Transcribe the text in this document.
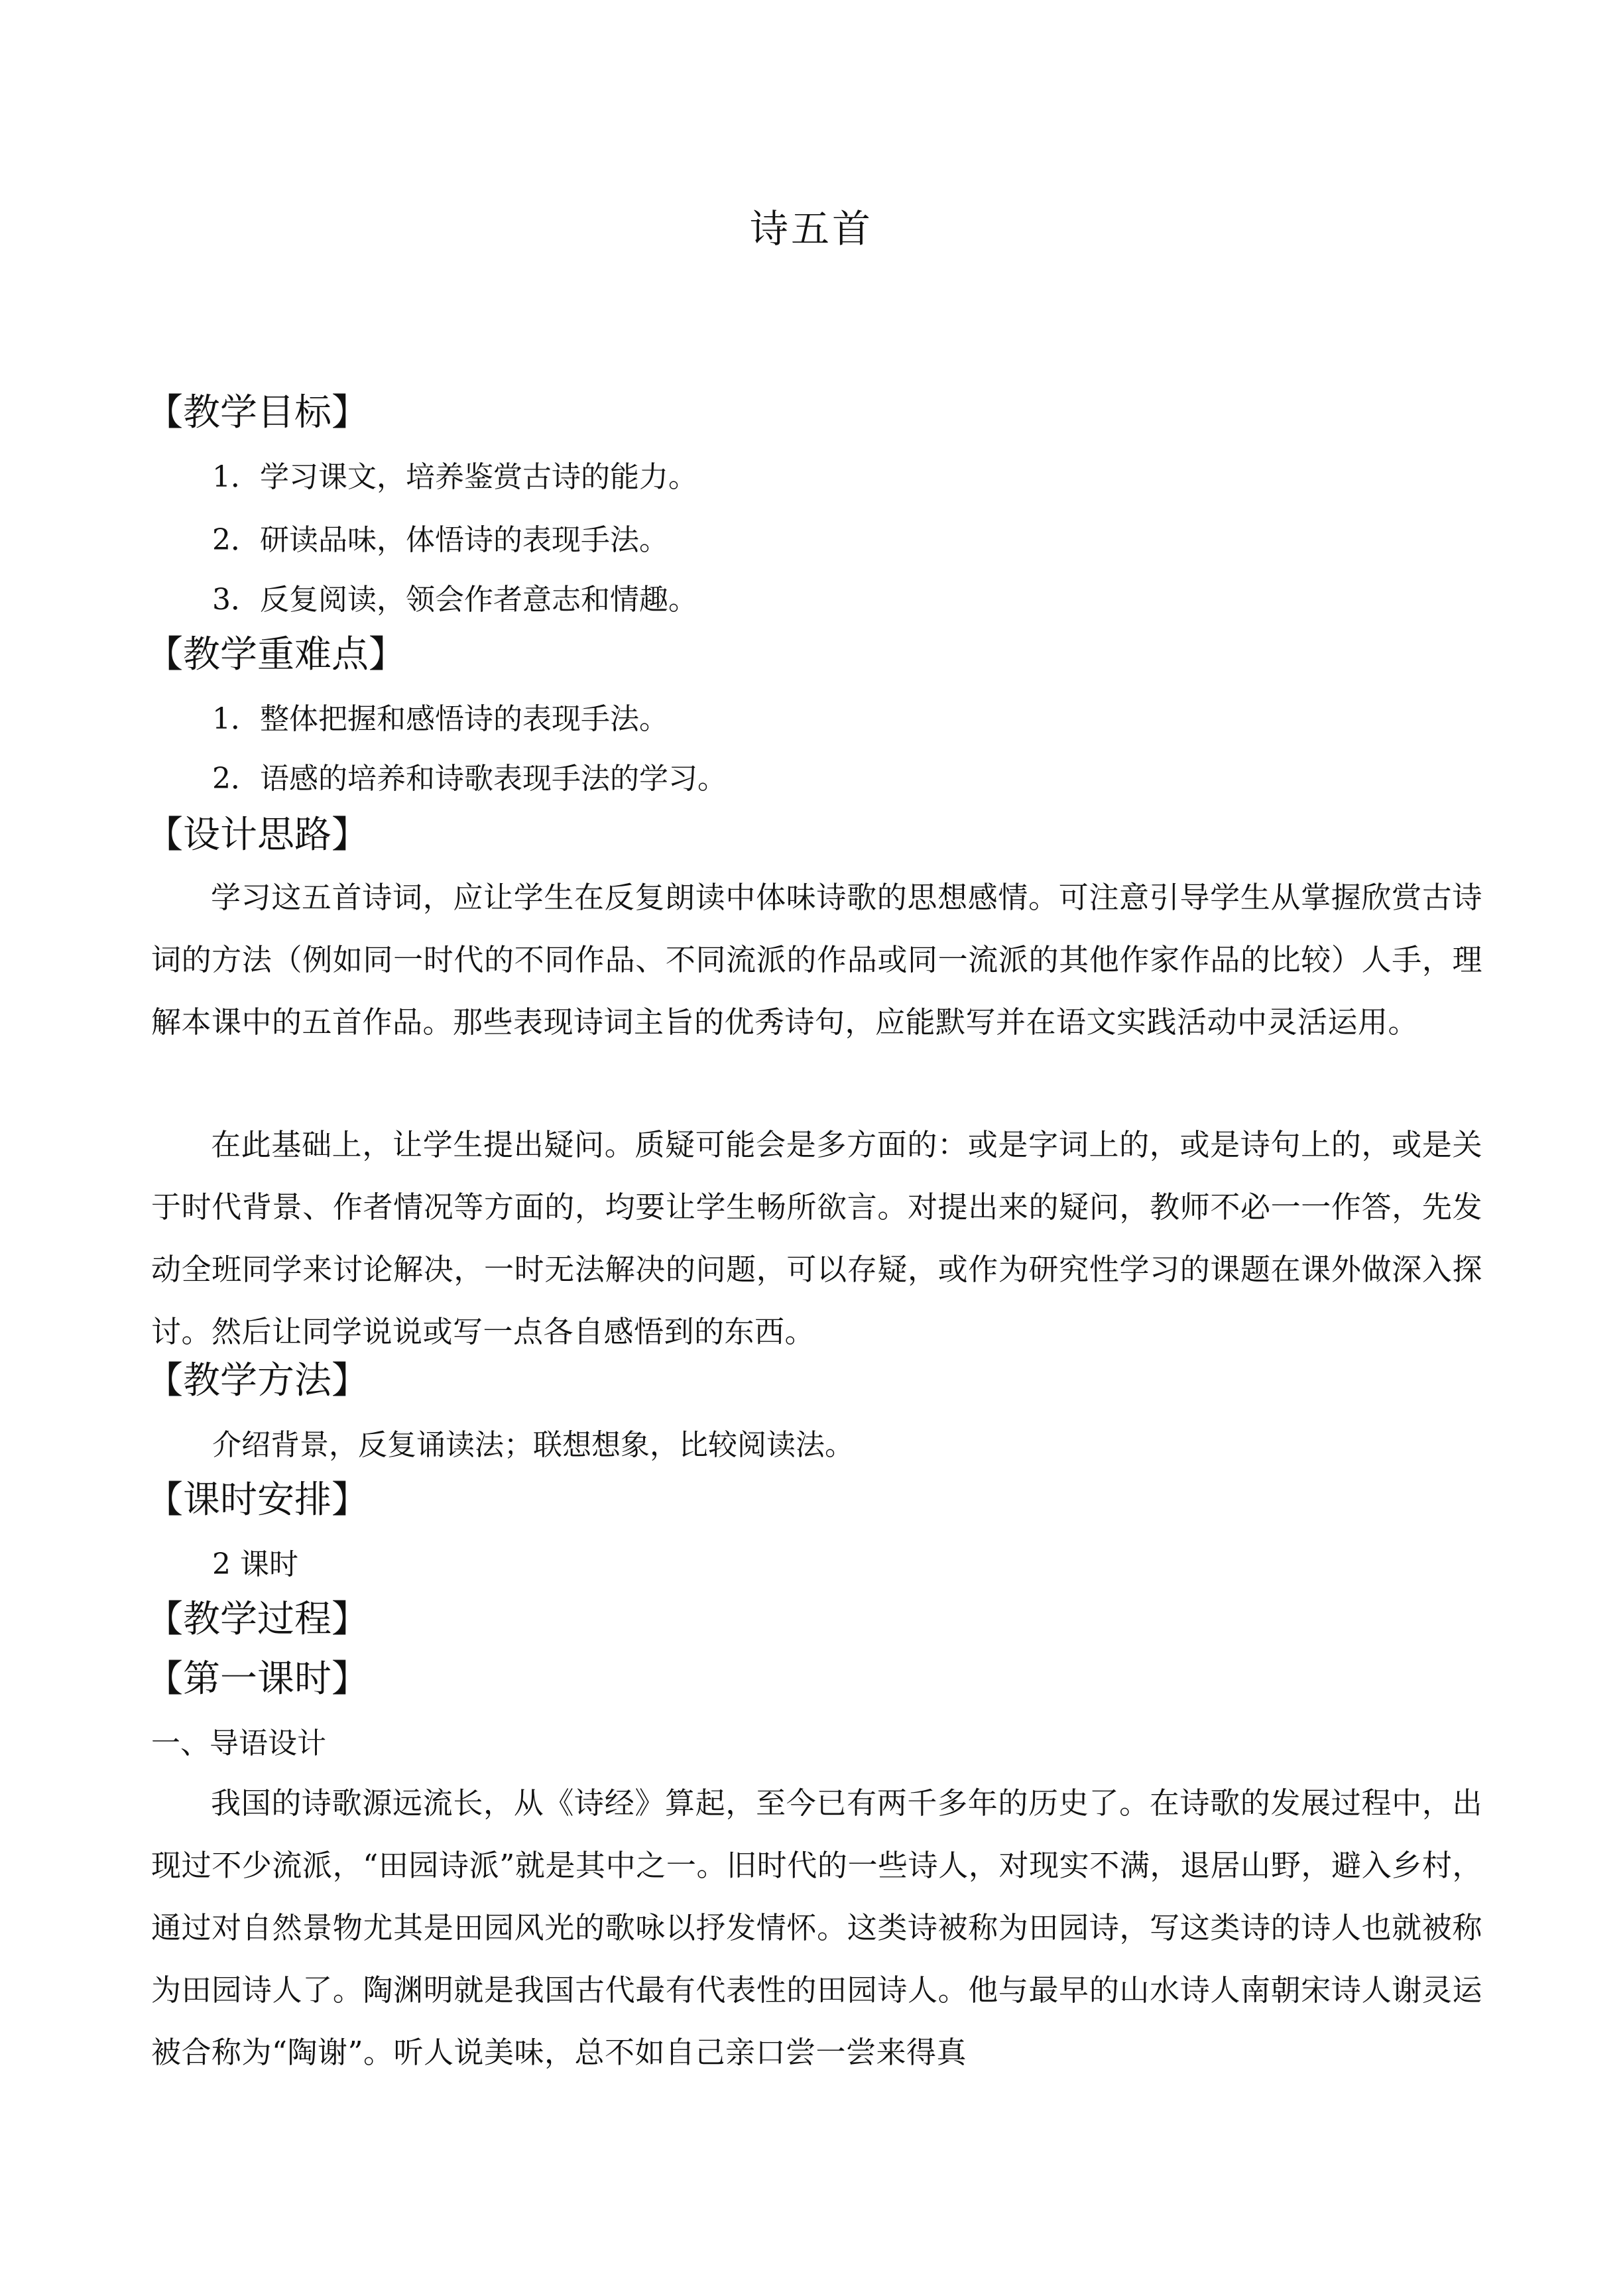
诗五首
【教学目标】
1．学习课文，培养鉴赏古诗的能力。
2．研读品味，体悟诗的表现手法。
3．反复阅读，领会作者意志和情趣。
【教学重难点】
1．整体把握和感悟诗的表现手法。
2．语感的培养和诗歌表现手法的学习。
【设计思路】
学习这五首诗词，应让学生在反复朗读中体味诗歌的思想感情。可注意引导学生从掌握欣赏古诗词的方法（例如同一时代的不同作品、不同流派的作品或同一流派的其他作家作品的比较）人手，理解本课中的五首作品。那些表现诗词主旨的优秀诗句，应能默写并在语文实践活动中灵活运用。
在此基础上，让学生提出疑问。质疑可能会是多方面的：或是字词上的，或是诗句上的，或是关于时代背景、作者情况等方面的，均要让学生畅所欲言。对提出来的疑问，教师不必一一作答，先发动全班同学来讨论解决，一时无法解决的问题，可以存疑，或作为研究性学习的课题在课外做深入探讨。然后让同学说说或写一点各自感悟到的东西。
【教学方法】
介绍背景，反复诵读法；联想想象，比较阅读法。
【课时安排】
2 课时
【教学过程】
【第一课时】
一、导语设计
我国的诗歌源远流长，从《诗经》算起，至今已有两千多年的历史了。在诗歌的发展过程中，出现过不少流派，“田园诗派”就是其中之一。旧时代的一些诗人，对现实不满，退居山野，避入乡村，通过对自然景物尤其是田园风光的歌咏以抒发情怀。这类诗被称为田园诗，写这类诗的诗人也就被称为田园诗人了。陶渊明就是我国古代最有代表性的田园诗人。他与最早的山水诗人南朝宋诗人谢灵运被合称为“陶谢”。听人说美味，总不如自己亲口尝一尝来得真
